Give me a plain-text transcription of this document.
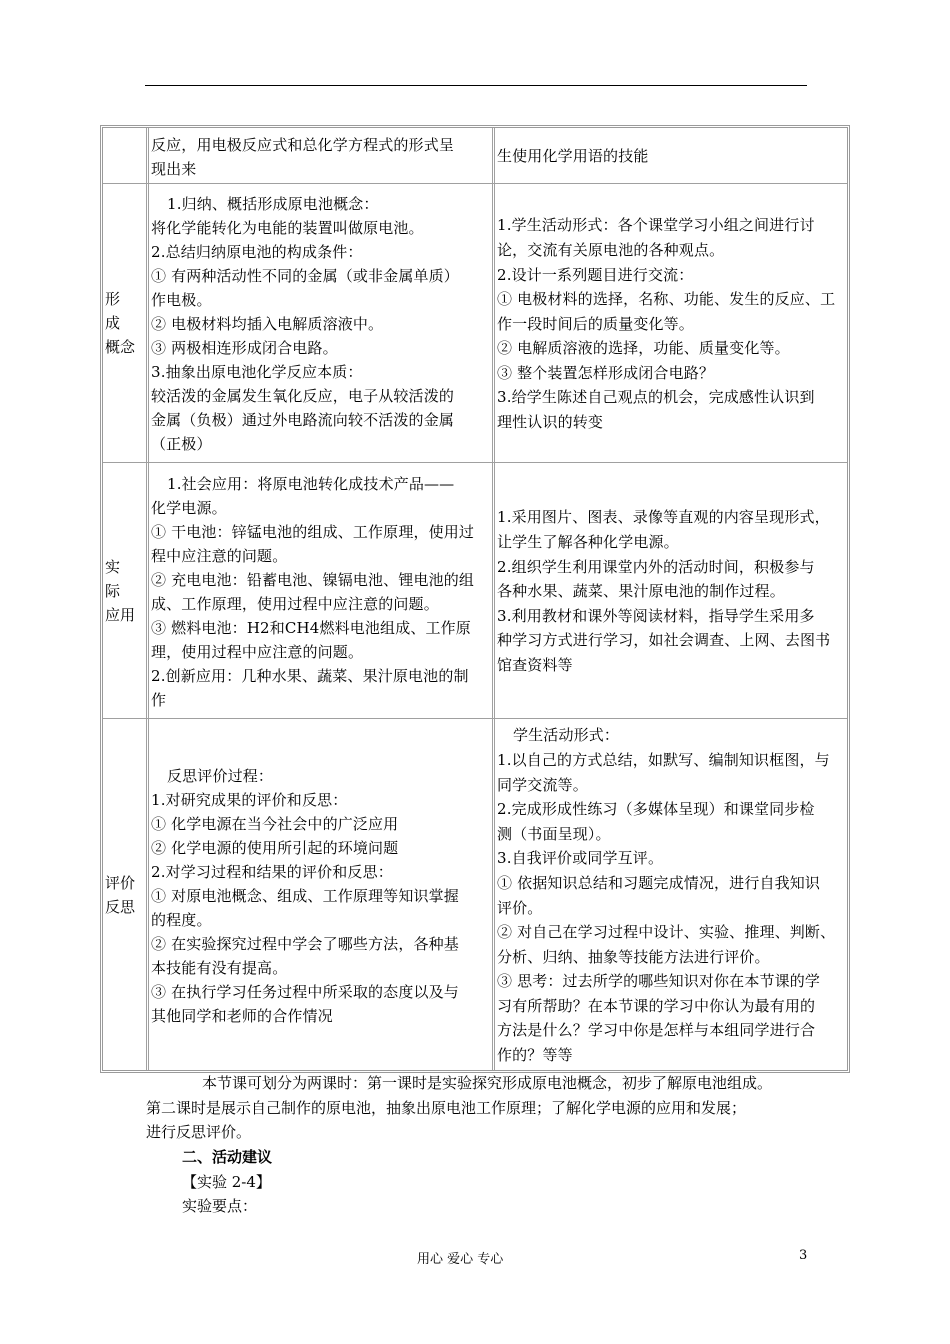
反应，用电极反应式和总化学方程式的形式呈
现出来
生使用化学用语的技能
形　成
概念
1.归纳、概括形成原电池概念：
将化学能转化为电能的装置叫做原电池。
2.总结归纳原电池的构成条件：
① 有两种活动性不同的金属（或非金属单质）
作电极。
② 电极材料均插入电解质溶液中。
③ 两极相连形成闭合电路。
3.抽象出原电池化学反应本质：
较活泼的金属发生氧化反应，电子从较活泼的
金属（负极）通过外电路流向较不活泼的金属
（正极）
1.学生活动形式：各个课堂学习小组之间进行讨
论，交流有关原电池的各种观点。
2.设计一系列题目进行交流：
① 电极材料的选择，名称、功能、发生的反应、工
作一段时间后的质量变化等。
② 电解质溶液的选择，功能、质量变化等。
③ 整个装置怎样形成闭合电路？
3.给学生陈述自己观点的机会，完成感性认识到
理性认识的转变
实　际
应用
1.社会应用：将原电池转化成技术产品——
化学电源。
① 干电池：锌锰电池的组成、工作原理，使用过
程中应注意的问题。
② 充电电池：铅蓄电池、镍镉电池、锂电池的组
成、工作原理，使用过程中应注意的问题。
③ 燃料电池：H2和CH4燃料电池组成、工作原
理，使用过程中应注意的问题。
2.创新应用：几种水果、蔬菜、果汁原电池的制
作
1.采用图片、图表、录像等直观的内容呈现形式，
让学生了解各种化学电源。
2.组织学生利用课堂内外的活动时间，积极参与
各种水果、蔬菜、果汁原电池的制作过程。
3.利用教材和课外等阅读材料，指导学生采用多
种学习方式进行学习，如社会调查、上网、去图书
馆查资料等
评价
反思
反思评价过程：
1.对研究成果的评价和反思：
① 化学电源在当今社会中的广泛应用
② 化学电源的使用所引起的环境问题
2.对学习过程和结果的评价和反思：
① 对原电池概念、组成、工作原理等知识掌握
的程度。
② 在实验探究过程中学会了哪些方法，各种基
本技能有没有提高。
③ 在执行学习任务过程中所采取的态度以及与
其他同学和老师的合作情况
学生活动形式：
1.以自己的方式总结，如默写、编制知识框图，与
同学交流等。
2.完成形成性练习（多媒体呈现）和课堂同步检
测（书面呈现）。
3.自我评价或同学互评。
① 依据知识总结和习题完成情况，进行自我知识
评价。
② 对自己在学习过程中设计、实验、推理、判断、
分析、归纳、抽象等技能方法进行评价。
③ 思考：过去所学的哪些知识对你在本节课的学
习有所帮助？在本节课的学习中你认为最有用的
方法是什么？学习中你是怎样与本组同学进行合
作的？等等
本节课可划分为两课时：第一课时是实验探究形成原电池概念，初步了解原电池组成。
第二课时是展示自己制作的原电池，抽象出原电池工作原理；了解化学电源的应用和发展；
进行反思评价。
二、活动建议
【实验 2-4】
实验要点：
用心 爱心 专心	3
